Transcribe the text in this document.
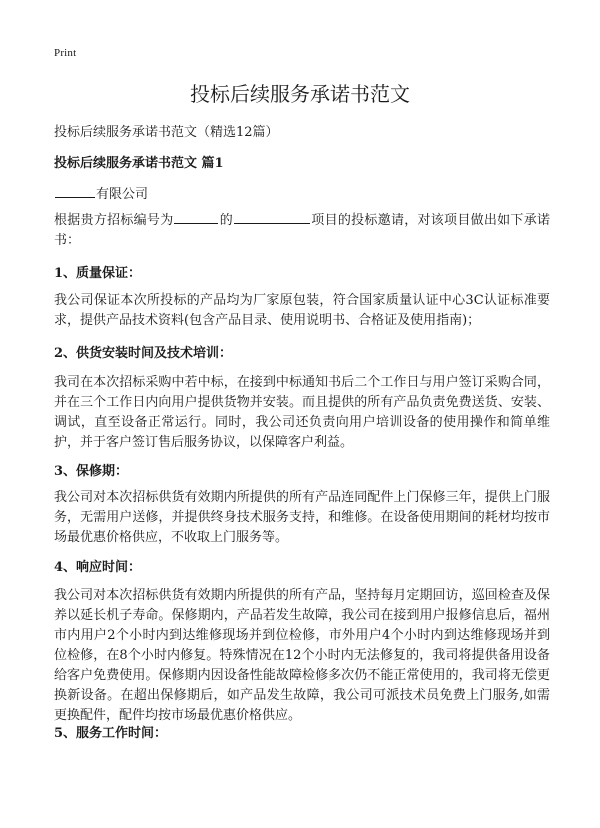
Print
投标后续服务承诺书范文
投标后续服务承诺书范文（精选12篇）
投标后续服务承诺书范文 篇1
有限公司
根据贵方招标编号为	的	项目的投标邀请，对该项目做出如下承诺书：
1、质量保证：
我公司保证本次所投标的产品均为厂家原包装，符合国家质量认证中心3C认证标准要求，提供产品技术资料(包含产品目录、使用说明书、合格证及使用指南)；
2、供货安装时间及技术培训：
我司在本次招标采购中若中标，在接到中标通知书后二个工作日与用户签订采购合同，并在三个工作日内向用户提供货物并安装。而且提供的所有产品负责免费送货、安装、调试，直至设备正常运行。同时，我公司还负责向用户培训设备的使用操作和简单维护，并于客户签订售后服务协议，以保障客户利益。
3、保修期：
我公司对本次招标供货有效期内所提供的所有产品连同配件上门保修三年，提供上门服务，无需用户送修，并提供终身技术服务支持，和维修。在设备使用期间的耗材均按市场最优惠价格供应，不收取上门服务等。
4、响应时间：
我公司对本次招标供货有效期内所提供的所有产品，坚持每月定期回访，巡回检查及保养以延长机子寿命。保修期内，产品若发生故障，我公司在接到用户报修信息后，福州市内用户2个小时内到达维修现场并到位检修，市外用户4个小时内到达维修现场并到位检修，在8个小时内修复。特殊情况在12个小时内无法修复的，我司将提供备用设备给客户免费使用。保修期内因设备性能故障检修多次仍不能正常使用的，我司将无偿更换新设备。在超出保修期后，如产品发生故障，我公司可派技术员免费上门服务,如需更换配件，配件均按市场最优惠价格供应。
5、服务工作时间：
